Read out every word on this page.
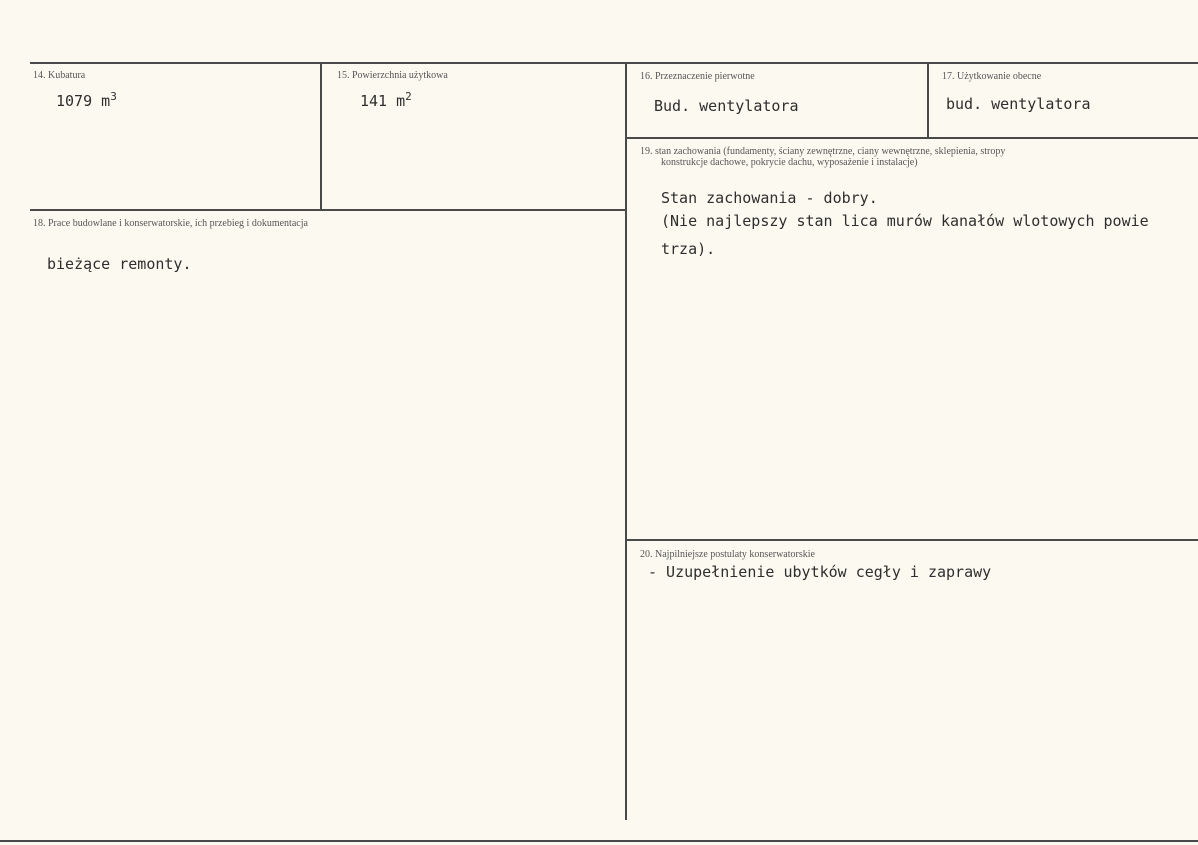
14. Kubatura
1079 $m^3$
15. Powierzchnia użytkowa
141 $m^2$
16. Przeznaczenie pierwotne
Bud. wentylatora
17. Użytkowanie obecne
bud. wentylatora
18. Prace budowlane i konserwatorskie, ich przebieg i dokumentacja
bieżące remonty.
19. stan zachowania (fundamenty, ściany zewnętrzne, ciany wewnętrzne, sklepienia, stropy
konstrukcje dachowe, pokrycie dachu, wyposażenie i instalacje)
Stan zachowania - dobry.
(Nie najlepszy stan lica murów kanałów wlotowych powie
trza).
20. Najpilniejsze postulaty konserwatorskie
- Uzupełnienie ubytków cegły i zaprawy
